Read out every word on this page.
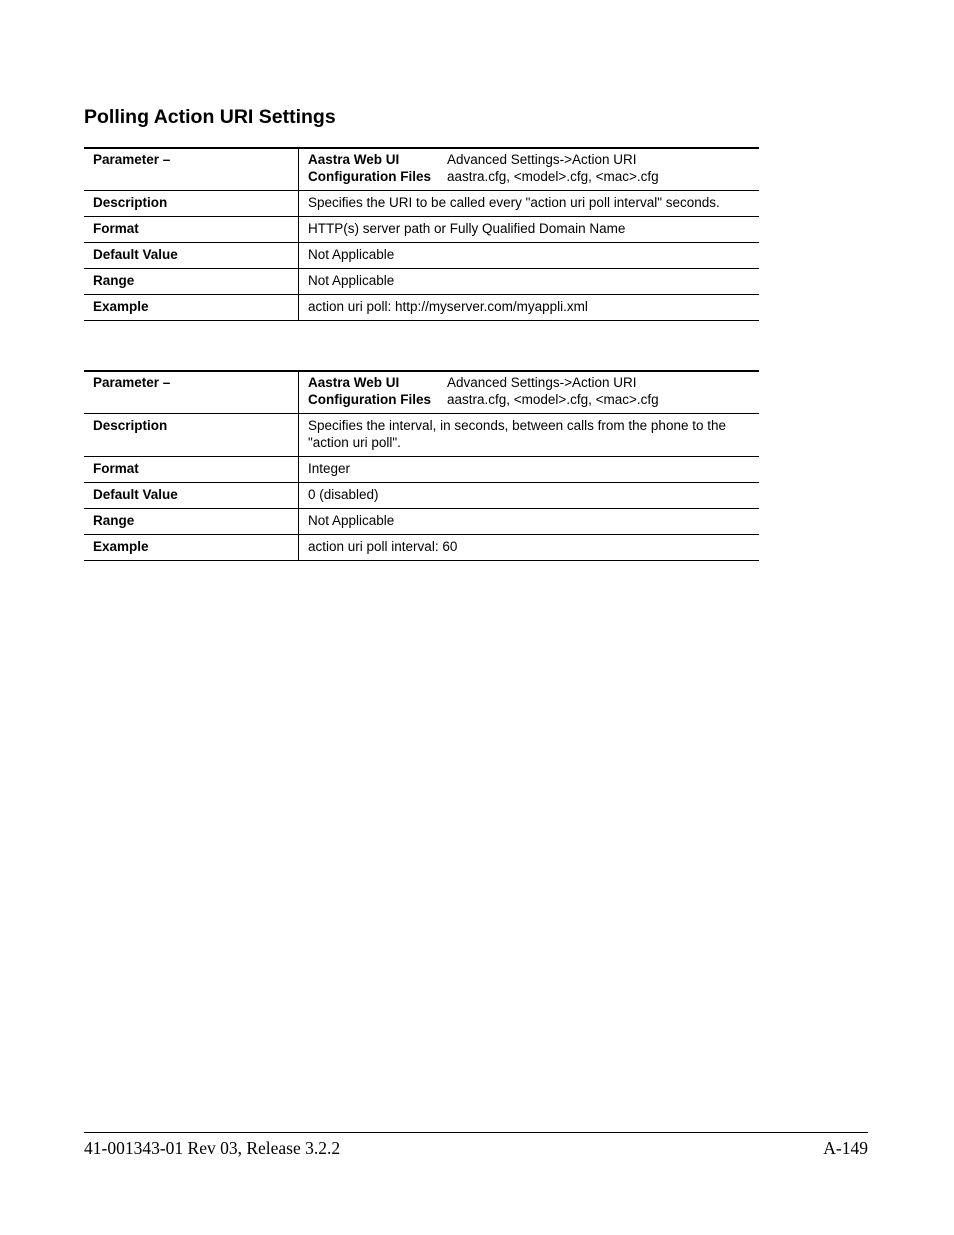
Polling Action URI Settings
Parameter –	Aastra Web UI Advanced Settings->Action URI
Configuration Files aastra.cfg, <model>.cfg, <mac>.cfg

Description	Specifies the URI to be called every "action uri poll interval" seconds.
Format	HTTP(s) server path or Fully Qualified Domain Name
Default Value	Not Applicable
Range	Not Applicable
Example	action uri poll: http://myserver.com/myappli.xml
Parameter –	Aastra Web UI Advanced Settings->Action URI
Configuration Files aastra.cfg, <model>.cfg, <mac>.cfg

Description	Specifies the interval, in seconds, between calls from the phone to the "action uri poll".
Format	Integer
Default Value	0 (disabled)
Range	Not Applicable
Example	action uri poll interval: 60
41-001343-01 Rev 03, Release 3.2.2	A-149
